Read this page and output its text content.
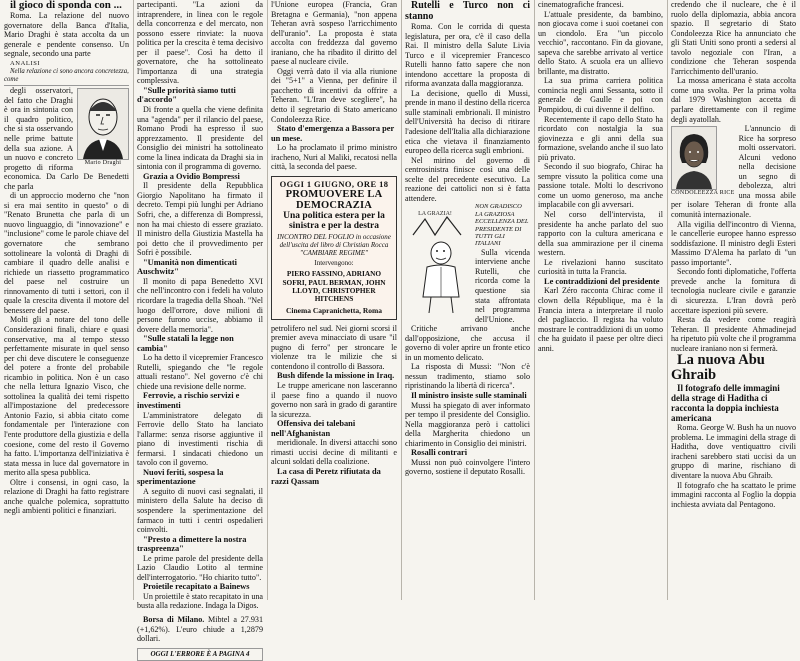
il gioco di sponda con ...

Roma. La relazione del nuovo governatore della Banca d'Italia, Mario Draghi è stata accolta da un generale e pendente consenso. Un segnale, secondo una parte

ANALISI

Nella relazione ci sono ancora concretezza, come

Mario Draghi

degli osservatori, del fatto che Draghi è ora in sintonia con il quadro politico, che si sta osservando nelle prime battute della sua azione. A un nuovo e concreto progetto di riforma economica. Da Carlo De Benedetti che parla

di un approccio moderno che "non si era mai sentito in questo" o di "Renato Brunetta che parla di un nuovo linguaggio, di "innovazione" e "inclusione" come le parole chiave del governatore che sembrano sottolineare la volontà di Draghi di cambiare il quadro delle analisi e richiede un riassetto programmatico del paese nel costruire un rinnovamento di tutti i settori, con il quale la crescita diventa il motore del benessere del paese.

Molti gli a notare del tono delle Considerazioni finali, chiare e quasi conservative, ma al tempo stesso perfettamente misurate in quel senso per chi deve discutere le conseguenze del potere a fronte del probabile ricambio in politica. Non è un caso che nella lettura Ignazio Visco, che sottolinea la qualità dei temi rispetto all'impostazione del predecessore Antonio Fazio, si abbia citato come fondamentale per l'interazione con l'ente produttore della giustizia e della coesione, come del resto il Governo ha fatto. L'importanza dell'iniziativa è stata messa in luce dal governatore in merito alla spesa pubblica.

Oltre i consensi, in ogni caso, la relazione di Draghi ha fatto registrare anche qualche polemica, soprattutto negli ambienti politici e finanziari.

partecipanti. "La azioni da intraprendere, in linea con le regole della concorrenza e del mercato, non possono essere rinviate: la nuova politica per la crescita è tema decisivo per il paese". Così ha detto il governatore, che ha sottolineato l'importanza di una strategia complessiva.

"Sulle priorità siamo tutti d'accordo"

Di fronte a quella che viene definita una "agenda" per il rilancio del paese, Romano Prodi ha espresso il suo apprezzamento. Il presidente del Consiglio dei ministri ha sottolineato come la linea indicata da Draghi sia in sintonia con il programma di governo.

Grazia a Ovidio Bompressi

Il presidente della Repubblica Giorgio Napolitano ha firmato il decreto. Tempi più lunghi per Adriano Sofri, che, a differenza di Bompressi, non ha mai chiesto di essere graziato. Il ministro della Giustizia Mastella ha poi detto che il provvedimento per Sofri è possibile.

"Umanità non dimenticati Auschwitz"

Il monito di papa Benedetto XVI che nell'incontro con i fedeli ha voluto ricordare la tragedia della Shoah. "Nel luogo dell'orrore, dove milioni di persone furono uccise, abbiamo il dovere della memoria".

"Sulle statali la legge non cambia"

Lo ha detto il vicepremier Francesco Rutelli, spiegando che "le regole attuali restano". Nel governo c'è chi chiede una revisione delle norme.

Ferrovie, a rischio servizi e investimenti

L'amministratore delegato di Ferrovie dello Stato ha lanciato l'allarme: senza risorse aggiuntive il piano di investimenti rischia di fermarsi. I sindacati chiedono un tavolo con il governo.

Nuovi feriti, sospesa la sperimentazione

A seguito di nuovi casi segnalati, il ministero della Salute ha deciso di sospendere la sperimentazione del farmaco in tutti i centri ospedalieri coinvolti.

"Presto a dimettere la nostra traspreenza"

Le prime parole del presidente della Lazio Claudio Lotito al termine dell'interrogatorio. "Ho chiarito tutto".

Proietile recapitato a Bainews

Un proiettile è stato recapitato in una busta alla redazione. Indaga la Digos.

Borsa di Milano. Mibtel a 27.931 (+1,62%). L'euro chiude a 1,2879 dollari.

OGGI L'ERRORE È A PAGINA 4

l'Unione europea (Francia, Gran Bretagna e Germania), "non appena Teheran avrà sospeso l'arricchimento dell'uranio". La proposta è stata accolta con freddezza dal governo iraniano, che ha ribadito il diritto del paese al nucleare civile.

Oggi verrà dato il via alla riunione dei "5+1" a Vienna, per definire il pacchetto di incentivi da offrire a Teheran. "L'Iran deve scegliere", ha detto il segretario di Stato americano Condoleezza Rice.

Stato d'emergenza a Bassora per un mese.

Lo ha proclamato il primo ministro iracheno, Nuri al Maliki, recatosi nella città, la seconda del paese.

OGGI 1 GIUGNO, ORE 18
PROMUOVERE LA DEMOCRAZIA
Una politica estera per la sinistra e per la destra
INCONTRO DEL FOGLIO in occasione dell'uscita del libro di Christian Rocca "CAMBIARE REGIME"
Intervengono:
PIERO FASSINO, ADRIANO SOFRI, PAUL BERMAN, JOHN LLOYD, CHRISTOPHER HITCHENS
Cinema Capranichetta, Roma

petrolifero nel sud. Nei giorni scorsi il premier aveva minacciato di usare "il pugno di ferro" per stroncare le violenze tra le milizie che si contendono il controllo di Bassora.

Bush difende la missione in Iraq.

Le truppe americane non lasceranno il paese fino a quando il nuovo governo non sarà in grado di garantire la sicurezza.

Offensiva dei talebani nell'Afghanistan

meridionale. In diversi attacchi sono rimasti uccisi decine di militanti e alcuni soldati della coalizione.

La casa di Peretz rifiutata da razzi Qassam

Rutelli e Turco non ci stanno

Roma. Con le corrida di questa legislatura, per ora, c'è il caso della Rai. Il ministro della Salute Livia Turco e il vicepremier Francesco Rutelli hanno fatto sapere che non intendono accettare la proposta di riforma avanzata dalla maggioranza.

La decisione, quello di Mussi, prende in mano il destino della ricerca sulle staminali embrionali. Il ministro dell'Università ha deciso di ritirare l'adesione dell'Italia alla dichiarazione etica che vietava il finanziamento europeo della ricerca sugli embrioni.

Nel mirino del governo di centrosinistra finisce così una delle scelte del precedente esecutivo. La reazione dei cattolici non si è fatta attendere.

LA GRAZIA!

NON GRADISCO LA GRAZIOSA ECCELLENZA DEL PRESIDENTE DI TUTTI GLI ITALIANI

Sulla vicenda interviene anche Rutelli, che ricorda come la questione sia stata affrontata nel programma dell'Unione.

Critiche arrivano anche dall'opposizione, che accusa il governo di voler aprire un fronte etico in un momento delicato.

La risposta di Mussi: "Non c'è nessun tradimento, stiamo solo ripristinando la libertà di ricerca".

Il ministro insiste sulle staminali

Mussi ha spiegato di aver informato per tempo il presidente del Consiglio. Nella maggioranza però i cattolici della Margherita chiedono un chiarimento in Consiglio dei ministri.

Rosalli contrari

Mussi non può coinvolgere l'intero governo, sostiene il deputato Rosalli.

cinematografiche francesi.

L'attuale presidente, da bambino, non giocava come i suoi coetanei con un ciondolo. Era "un piccolo vecchio", raccontano. Fin da giovane, sapeva che sarebbe arrivato al vertice dello Stato. A scuola era un allievo brillante, ma distratto.

La sua prima carriera politica comincia negli anni Sessanta, sotto il generale de Gaulle e poi con Pompidou, di cui divenne il delfino.

Recentemente il capo dello Stato ha ricordato con nostalgia la sua giovinezza e gli anni della sua formazione, svelando anche il suo lato più privato.

Secondo il suo biografo, Chirac ha sempre vissuto la politica come una passione totale. Molti lo descrivono come un uomo generoso, ma anche implacabile con gli avversari.

Nel corso dell'intervista, il presidente ha anche parlato del suo rapporto con la cultura americana e della sua ammirazione per il cinema western.

Le rivelazioni hanno suscitato curiosità in tutta la Francia.

Le contraddizioni del presidente

Karl Zéro racconta Chirac come il clown della République, ma è la Francia intera a interpretare il ruolo del pagliaccio. Il regista ha voluto mostrare le contraddizioni di un uomo che ha guidato il paese per oltre dieci anni.

credendo che il nucleare, che è il ruolo della diplomazia, abbia ancora spazio. Il segretario di Stato Condoleezza Rice ha annunciato che gli Stati Uniti sono pronti a sedersi al tavolo negoziale con l'Iran, a condizione che Teheran sospenda l'arricchimento dell'uranio.

La mossa americana è stata accolta come una svolta. Per la prima volta dal 1979 Washington accetta di parlare direttamente con il regime degli ayatollah.

CONDOLEEZZA RICE

L'annuncio di Rice ha sorpreso molti osservatori. Alcuni vedono nella decisione un segno di debolezza, altri una mossa abile per isolare Teheran di fronte alla comunità internazionale.

Alla vigilia dell'incontro di Vienna, le cancellerie europee hanno espresso soddisfazione. Il ministro degli Esteri Massimo D'Alema ha parlato di "un passo importante".

Secondo fonti diplomatiche, l'offerta prevede anche la fornitura di tecnologia nucleare civile e garanzie di sicurezza. L'Iran dovrà però accettare ispezioni più severe.

Resta da vedere come reagirà Teheran. Il presidente Ahmadinejad ha ripetuto più volte che il programma nucleare iraniano non si fermerà.

La nuova Abu Ghraib

Il fotografo delle immagini della strage di Haditha ci racconta la doppia inchiesta americana

Roma. George W. Bush ha un nuovo problema. Le immagini della strage di Haditha, dove ventiquattro civili iracheni sarebbero stati uccisi da un gruppo di marine, rischiano di diventare la nuova Abu Ghraib.

Il fotografo che ha scattato le prime immagini racconta al Foglio la doppia inchiesta avviata dal Pentagono.
